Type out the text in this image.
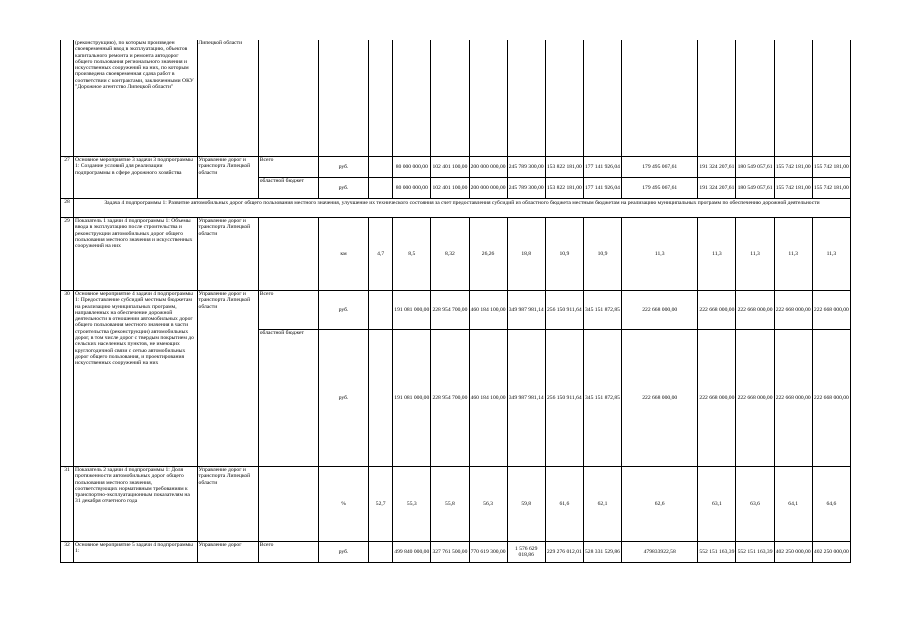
	(реконструкцию), по которым произведен своевременный ввод в эксплуатацию, объектов капитального ремонта и ремонта автодорог общего пользования регионального значения и искусственных сооружений на них, по которым произведена своевременная сдача работ в соответствии с контрактами, заключенными ОКУ "Дорожное агентство Липецкой области"	Липецкой области														
27	Основное мероприятие 3 задачи 3 подпрограммы 1: Создание условий для реализации подпрограммы в сфере дорожного хозяйства	Управление дорог и транспорта Липецкой области	Всего	руб.		80 000 000,00	102 401 100,00	200 000 000,00	245 789 300,00	153 822 181,00	177 141 926,04	179 495 067,61	191 324 207,61	180 549 057,61	155 742 181,00	155 742 181,00
			областной бюджет	руб.		80 000 000,00	102 401 100,00	200 000 000,00	245 789 300,00	153 822 181,00	177 141 926,04	179 495 067,61	191 324 207,61	180 549 057,61	155 742 181,00	155 742 181,00
28	Задача 4 подпрограммы 1: Развитие автомобильных дорог общего пользования местного значения, улучшение их технического состояния за счет предоставления субсидий из областного бюджета местным бюджетам на реализацию муниципальных программ по обеспечению дорожной деятельности															
29	Показатель 1 задачи 4 подпрограммы 1: Объемы ввода в эксплуатацию после строительства и реконструкции автомобильных дорог общего пользования местного значения и искусственных сооружений на них	Управление дорог и транспорта Липецкой области		км	4,7	8,5	8,32	26,26	18,8	10,9	10,9	11,3	11,3	11,3	11,3	11,3
30	Основное мероприятие 4 задачи 4 подпрограммы 1: Предоставление субсидий местным бюджетам на реализацию муниципальных программ, направленных на обеспечение дорожной деятельности в отношении автомобильных дорог общего пользования местного значения в части строительства (реконструкции) автомобильных дорог, в том числе дорог с твердым покрытием до сельских населенных пунктов, не имеющих круглогодичной связи с сетью автомобильных дорог общего пользования, и проектирования искусственных сооружений на них	Управление дорог и транспорта Липецкой области	Всего	руб.		191 081 000,00	228 954 700,00	460 184 100,00	349 987 981,14	256 150 911,64	345 151 872,85	222 668 000,00	222 668 000,00	222 668 000,00	222 668 000,00	222 668 000,00
			областной бюджет	руб.		191 081 000,00	228 954 700,00	460 184 100,00	349 987 981,14	256 150 911,64	345 151 872,85	222 668 000,00	222 668 000,00	222 668 000,00	222 668 000,00	222 668 000,00
31	Показатель 2 задачи 4 подпрограммы 1: Доля протяженности автомобильных дорог общего пользования местного значения, соответствующих нормативным требованиям к транспортно-эксплуатационным показателям на 31 декабря отчетного года	Управление дорог и транспорта Липецкой области		%	52,7	55,3	55,8	56,3	59,8	61,6	62,1	62,6	63,1	63,6	64,1	64,6
32	Основное мероприятие 5 задачи 4 подпрограммы 1:	Управление дорог	Всего	руб.		499 840 000,00	327 761 500,00	770 619 300,00	1 576 629 018,86	229 276 012,01	528 331 529,86	479833922,58	552 151 163,39	552 151 163,39	402 250 000,00	402 250 000,00
